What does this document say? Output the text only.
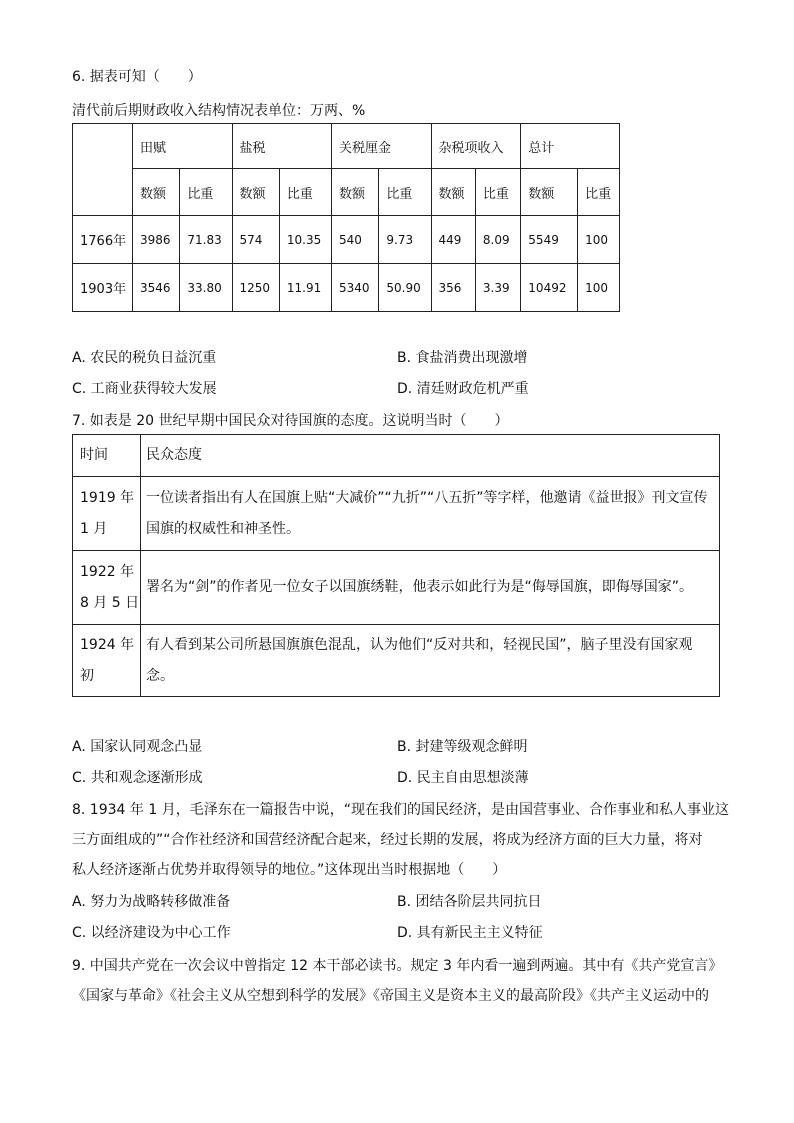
6. 据表可知（　　）
清代前后期财政收入结构情况表单位：万两、%
	田赋		盐税		关税厘金		杂税项收入		总计	
	数额	比重	数额	比重	数额	比重	数额	比重	数额	比重
1766年	3986	71.83	574	10.35	540	9.73	449	8.09	5549	100
1903年	3546	33.80	1250	11.91	5340	50.90	356	3.39	10492	100
A. 农民的税负日益沉重	B. 食盐消费出现激增
C. 工商业获得较大发展	D. 清廷财政危机严重
7. 如表是 20 世纪早期中国民众对待国旗的态度。这说明当时（　　）
时间	民众态度
1919 年 1 月	一位读者指出有人在国旗上贴“大减价”“九折”“八五折”等字样，他邀请《益世报》刊文宣传国旗的权威性和神圣性。
1922 年 8 月 5 日	署名为“剑”的作者见一位女子以国旗绣鞋，他表示如此行为是“侮辱国旗，即侮辱国家”。
1924 年初	有人看到某公司所悬国旗旗色混乱，认为他们“反对共和，轻视民国”，脑子里没有国家观念。
A. 国家认同观念凸显	B. 封建等级观念鲜明
C. 共和观念逐渐形成	D. 民主自由思想淡薄
8. 1934 年 1 月，毛泽东在一篇报告中说，“现在我们的国民经济，是由国营事业、合作事业和私人事业这
三方面组成的”“合作社经济和国营经济配合起来，经过长期的发展，将成为经济方面的巨大力量，将对
私人经济逐渐占优势并取得领导的地位。”这体现出当时根据地（　　）
A. 努力为战略转移做准备	B. 团结各阶层共同抗日
C. 以经济建设为中心工作	D. 具有新民主主义特征
9. 中国共产党在一次会议中曾指定 12 本干部必读书。规定 3 年内看一遍到两遍。其中有《共产党宣言》
《国家与革命》《社会主义从空想到科学的发展》《帝国主义是资本主义的最高阶段》《共产主义运动中的
